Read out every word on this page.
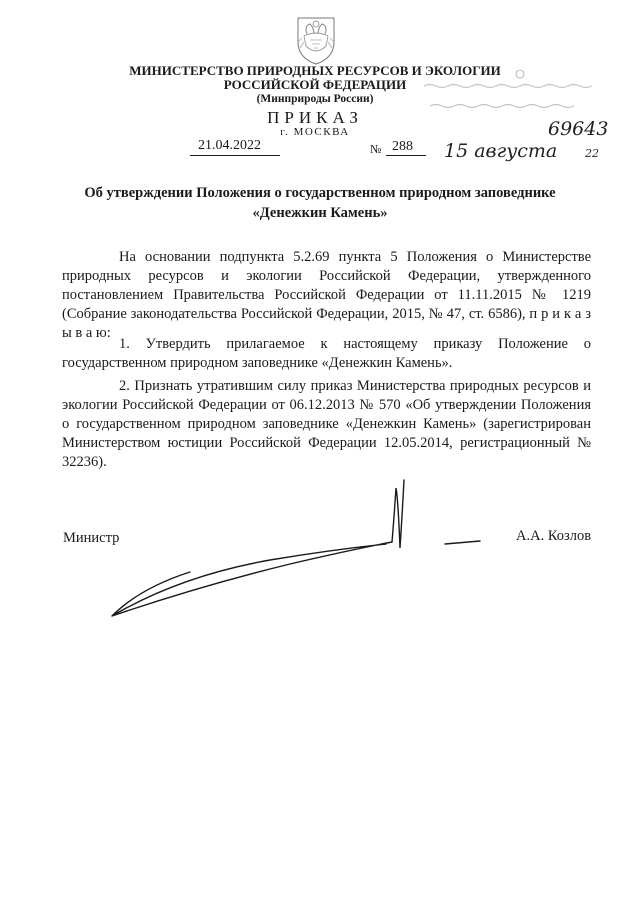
МИНИСТЕРСТВО ПРИРОДНЫХ РЕСУРСОВ И ЭКОЛОГИИ
РОССИЙСКОЙ ФЕДЕРАЦИИ
(Минприроды России)
ПРИКАЗ
г. МОСКВА
21.04.2022	№ 288
69643
15 августа	22
Об утверждении Положения о государственном природном заповеднике
«Денежкин Камень»
На основании подпункта 5.2.69 пункта 5 Положения о Министерстве природных ресурсов и экологии Российской Федерации, утвержденного постановлением Правительства Российской Федерации от 11.11.2015 № 1219 (Собрание законодательства Российской Федерации, 2015, № 47, ст. 6586), п р и к а з ы в а ю:
1. Утвердить прилагаемое к настоящему приказу Положение о государственном природном заповеднике «Денежкин Камень».
2. Признать утратившим силу приказ Министерства природных ресурсов и экологии Российской Федерации от 06.12.2013 № 570 «Об утверждении Положения о государственном природном заповеднике «Денежкин Камень» (зарегистрирован Министерством юстиции Российской Федерации 12.05.2014, регистрационный № 32236).
Министр	А.А. Козлов
